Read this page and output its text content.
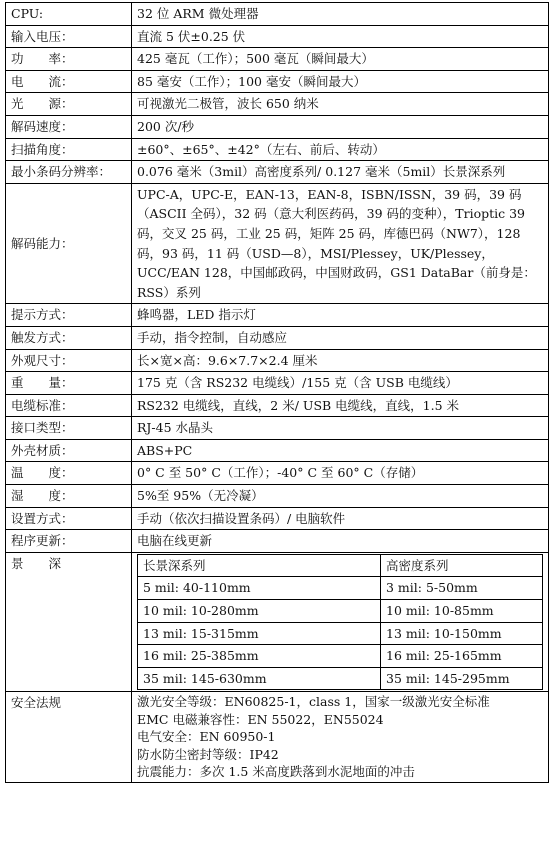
CPU:	32 位 ARM 微处理器
输入电压：	直流 5 伏±0.25 伏
功　　率：	425 毫瓦（工作）；500 毫瓦（瞬间最大）
电　　流：	85 毫安（工作）；100 毫安（瞬间最大）
光　　源：	可视激光二极管，波长 650 纳米
解码速度：	200 次/秒
扫描角度：	±60°、±65°、±42°（左右、前后、转动）
最小条码分辨率：	0.076 毫米（3mil）高密度系列/ 0.127 毫米（5mil）长景深系列
解码能力：	UPC-A，UPC-E，EAN-13，EAN-8，ISBN/ISSN，39 码，39 码（ASCII 全码），32 码（意大利医药码，39 码的变种），Trioptic 39 码，交叉 25 码，工业 25 码，矩阵 25 码，库德巴码（NW7），128 码，93 码，11 码（USD—8），MSI/Plessey，UK/Plessey，UCC/EAN 128，中国邮政码，中国财政码，GS1 DataBar（前身是：RSS）系列
提示方式：	蜂鸣器，LED 指示灯
触发方式：	手动，指令控制，自动感应
外观尺寸：	长×宽×高：9.6×7.7×2.4 厘米
重　　量：	175 克（含 RS232 电缆线）/155 克（含 USB 电缆线）
电缆标准：	RS232 电缆线，直线，2 米/ USB 电缆线，直线，1.5 米
接口类型：	RJ-45 水晶头
外壳材质：	ABS+PC
温　　度：	0° C 至 50° C（工作）；-40° C 至 60° C（存储）
湿　　度：	5%至 95%（无冷凝）
设置方式：	手动（依次扫描设置条码）/ 电脑软件
程序更新：	电脑在线更新
景　　深		长景深系列	高密度系列
5 mil: 40-110mm	3 mil: 5-50mm
10 mil: 10-280mm	10 mil: 10-85mm
13 mil: 15-315mm	13 mil: 10-150mm
16 mil: 25-385mm	16 mil: 25-165mm
35 mil: 145-630mm	35 mil: 145-295mm

安全法规	激光安全等级：EN60825-1，class 1，国家一级激光安全标准
EMC 电磁兼容性：EN 55022，EN55024
电气安全：EN 60950-1
防水防尘密封等级：IP42
抗震能力：多次 1.5 米高度跌落到水泥地面的冲击
